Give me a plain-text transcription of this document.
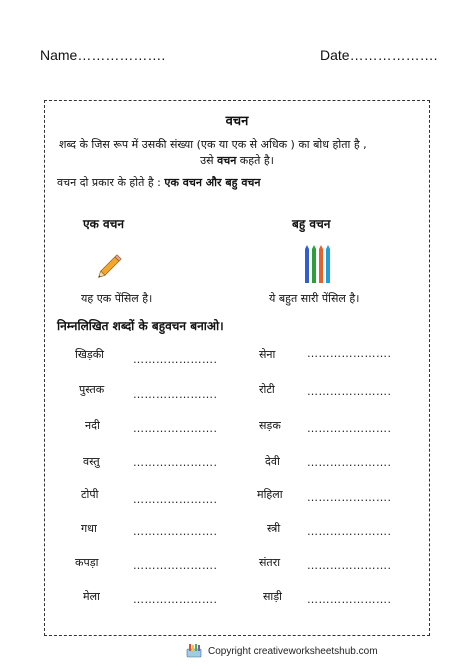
Name……………….	Date……………….
वचन
शब्द के जिस रूप में उसकी संख्या (एक या एक से अधिक ) का बोध होता है ,
उसे वचन कहते है।
वचन दो प्रकार के होते है : एक वचन और बहु वचन
एक वचन	बहु वचन
यह एक पेंसिल है।	ये बहुत सारी पेंसिल है।
निम्नलिखित शब्दों के बहुवचन बनाओ।
खिड़की	………………….	सेना	………………….
पुस्तक	………………….	रोटी	………………….
नदी	………………….	सड़क ………………….
वस्तु	………………….	देवी ………………….
टोपी	………………….	महिला ………………….
गधा	………………….	स्त्री ………………….
कपड़ा	………………….	संतरा ………………….
मेला	………………….	साड़ी ………………….
Copyright creativeworksheetshub.com
